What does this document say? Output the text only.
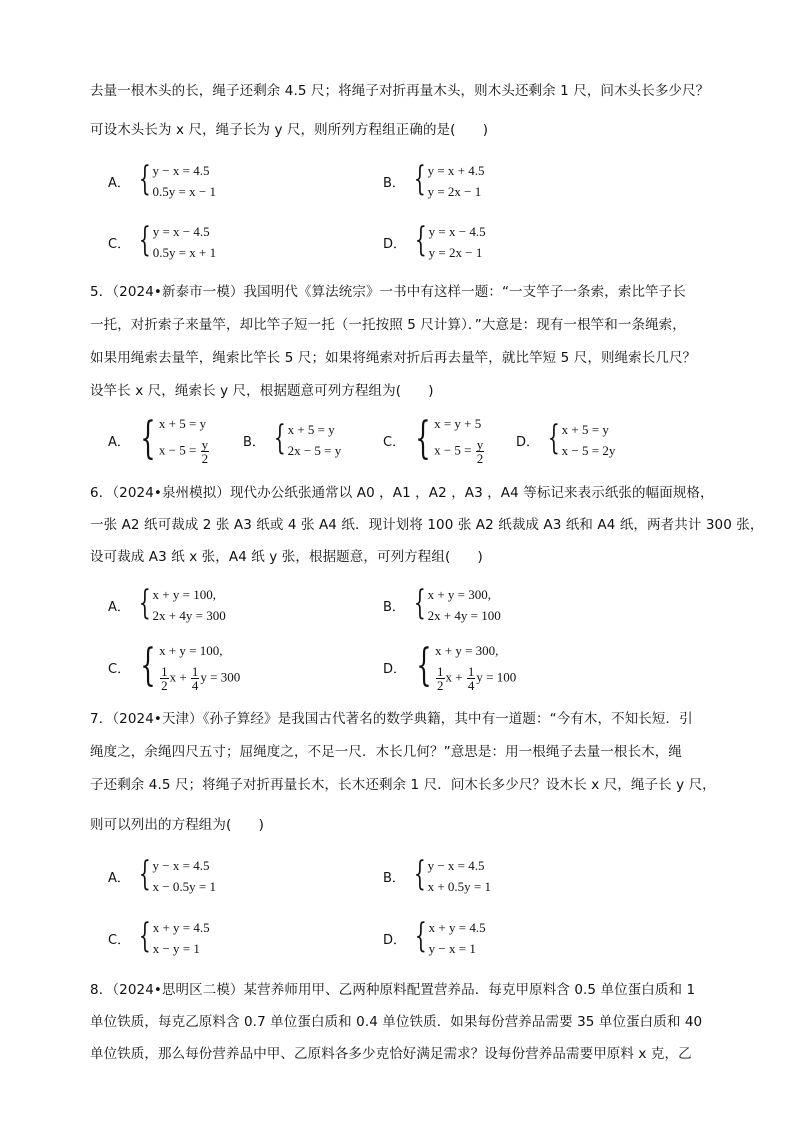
去量一根木头的长，绳子还剩余 4.5 尺；将绳子对折再量木头，则木头还剩余 1 尺，问木头长多少尺？
可设木头长为 x 尺，绳子长为 y 尺，则所列方程组正确的是(　　)
A． { y − x = 4.5
0.5y = x − 1
B． { y = x + 4.5
y = 2x − 1
C． { y = x − 4.5
0.5y = x + 1
D． { y = x − 4.5
y = 2x − 1
5．（2024•新泰市一模）我国明代《算法统宗》一书中有这样一题：“一支竿子一条索，索比竿子长
一托，对折索子来量竿，却比竿子短一托（一托按照 5 尺计算）．”大意是：现有一根竿和一条绳索，
如果用绳索去量竿，绳索比竿长 5 尺；如果将绳索对折后再去量竿，就比竿短 5 尺，则绳索长几尺？
设竿长 x 尺，绳索长 y 尺，根据题意可列方程组为(　　)
A． { x + 5 = y
$x - 5 = \frac{y}{2}$	B． { x + 5 = y
2x − 5 = y
C． { x = y + 5
$x - 5 = \frac{y}{2}$ D． { x + 5 = y
x − 5 = 2y
6．（2024•泉州模拟）现代办公纸张通常以 A0 ，A1 ，A2 ，A3 ，A4 等标记来表示纸张的幅面规格，
一张 A2 纸可裁成 2 张 A3 纸或 4 张 A4 纸．现计划将 100 张 A2 纸裁成 A3 纸和 A4 纸，两者共计 300 张，
设可裁成 A3 纸 x 张，A4 纸 y 张，根据题意，可列方程组(　　)
A． { x + y = 100,
2x + 4y = 300
B． { x + y = 300,
2x + 4y = 100
C． { x + y = 100,
$\frac{1}{2}$ $x + \frac{1}{4}$ y = 300	D． { x + y = 300,
$\frac{1}{2}$ $x + \frac{1}{4}$ y = 100
7．（2024•天津）《孙子算经》是我国古代著名的数学典籍，其中有一道题：“今有木，不知长短．引
绳度之，余绳四尺五寸；屈绳度之，不足一尺．木长几何？”意思是：用一根绳子去量一根长木，绳
子还剩余 4.5 尺；将绳子对折再量长木，长木还剩余 1 尺．问木长多少尺？设木长 x 尺，绳子长 y 尺，
则可以列出的方程组为(　　)
A． { y − x = 4.5
x − 0.5y = 1
B． { y − x = 4.5
x + 0.5y = 1
C． { x + y = 4.5
x − y = 1
D． { x + y = 4.5
y − x = 1
8．（2024•思明区二模）某营养师用甲、乙两种原料配置营养品．每克甲原料含 0.5 单位蛋白质和 1
单位铁质，每克乙原料含 0.7 单位蛋白质和 0.4 单位铁质．如果每份营养品需要 35 单位蛋白质和 40
单位铁质，那么每份营养品中甲、乙原料各多少克恰好满足需求？设每份营养品需要甲原料 x 克，乙
